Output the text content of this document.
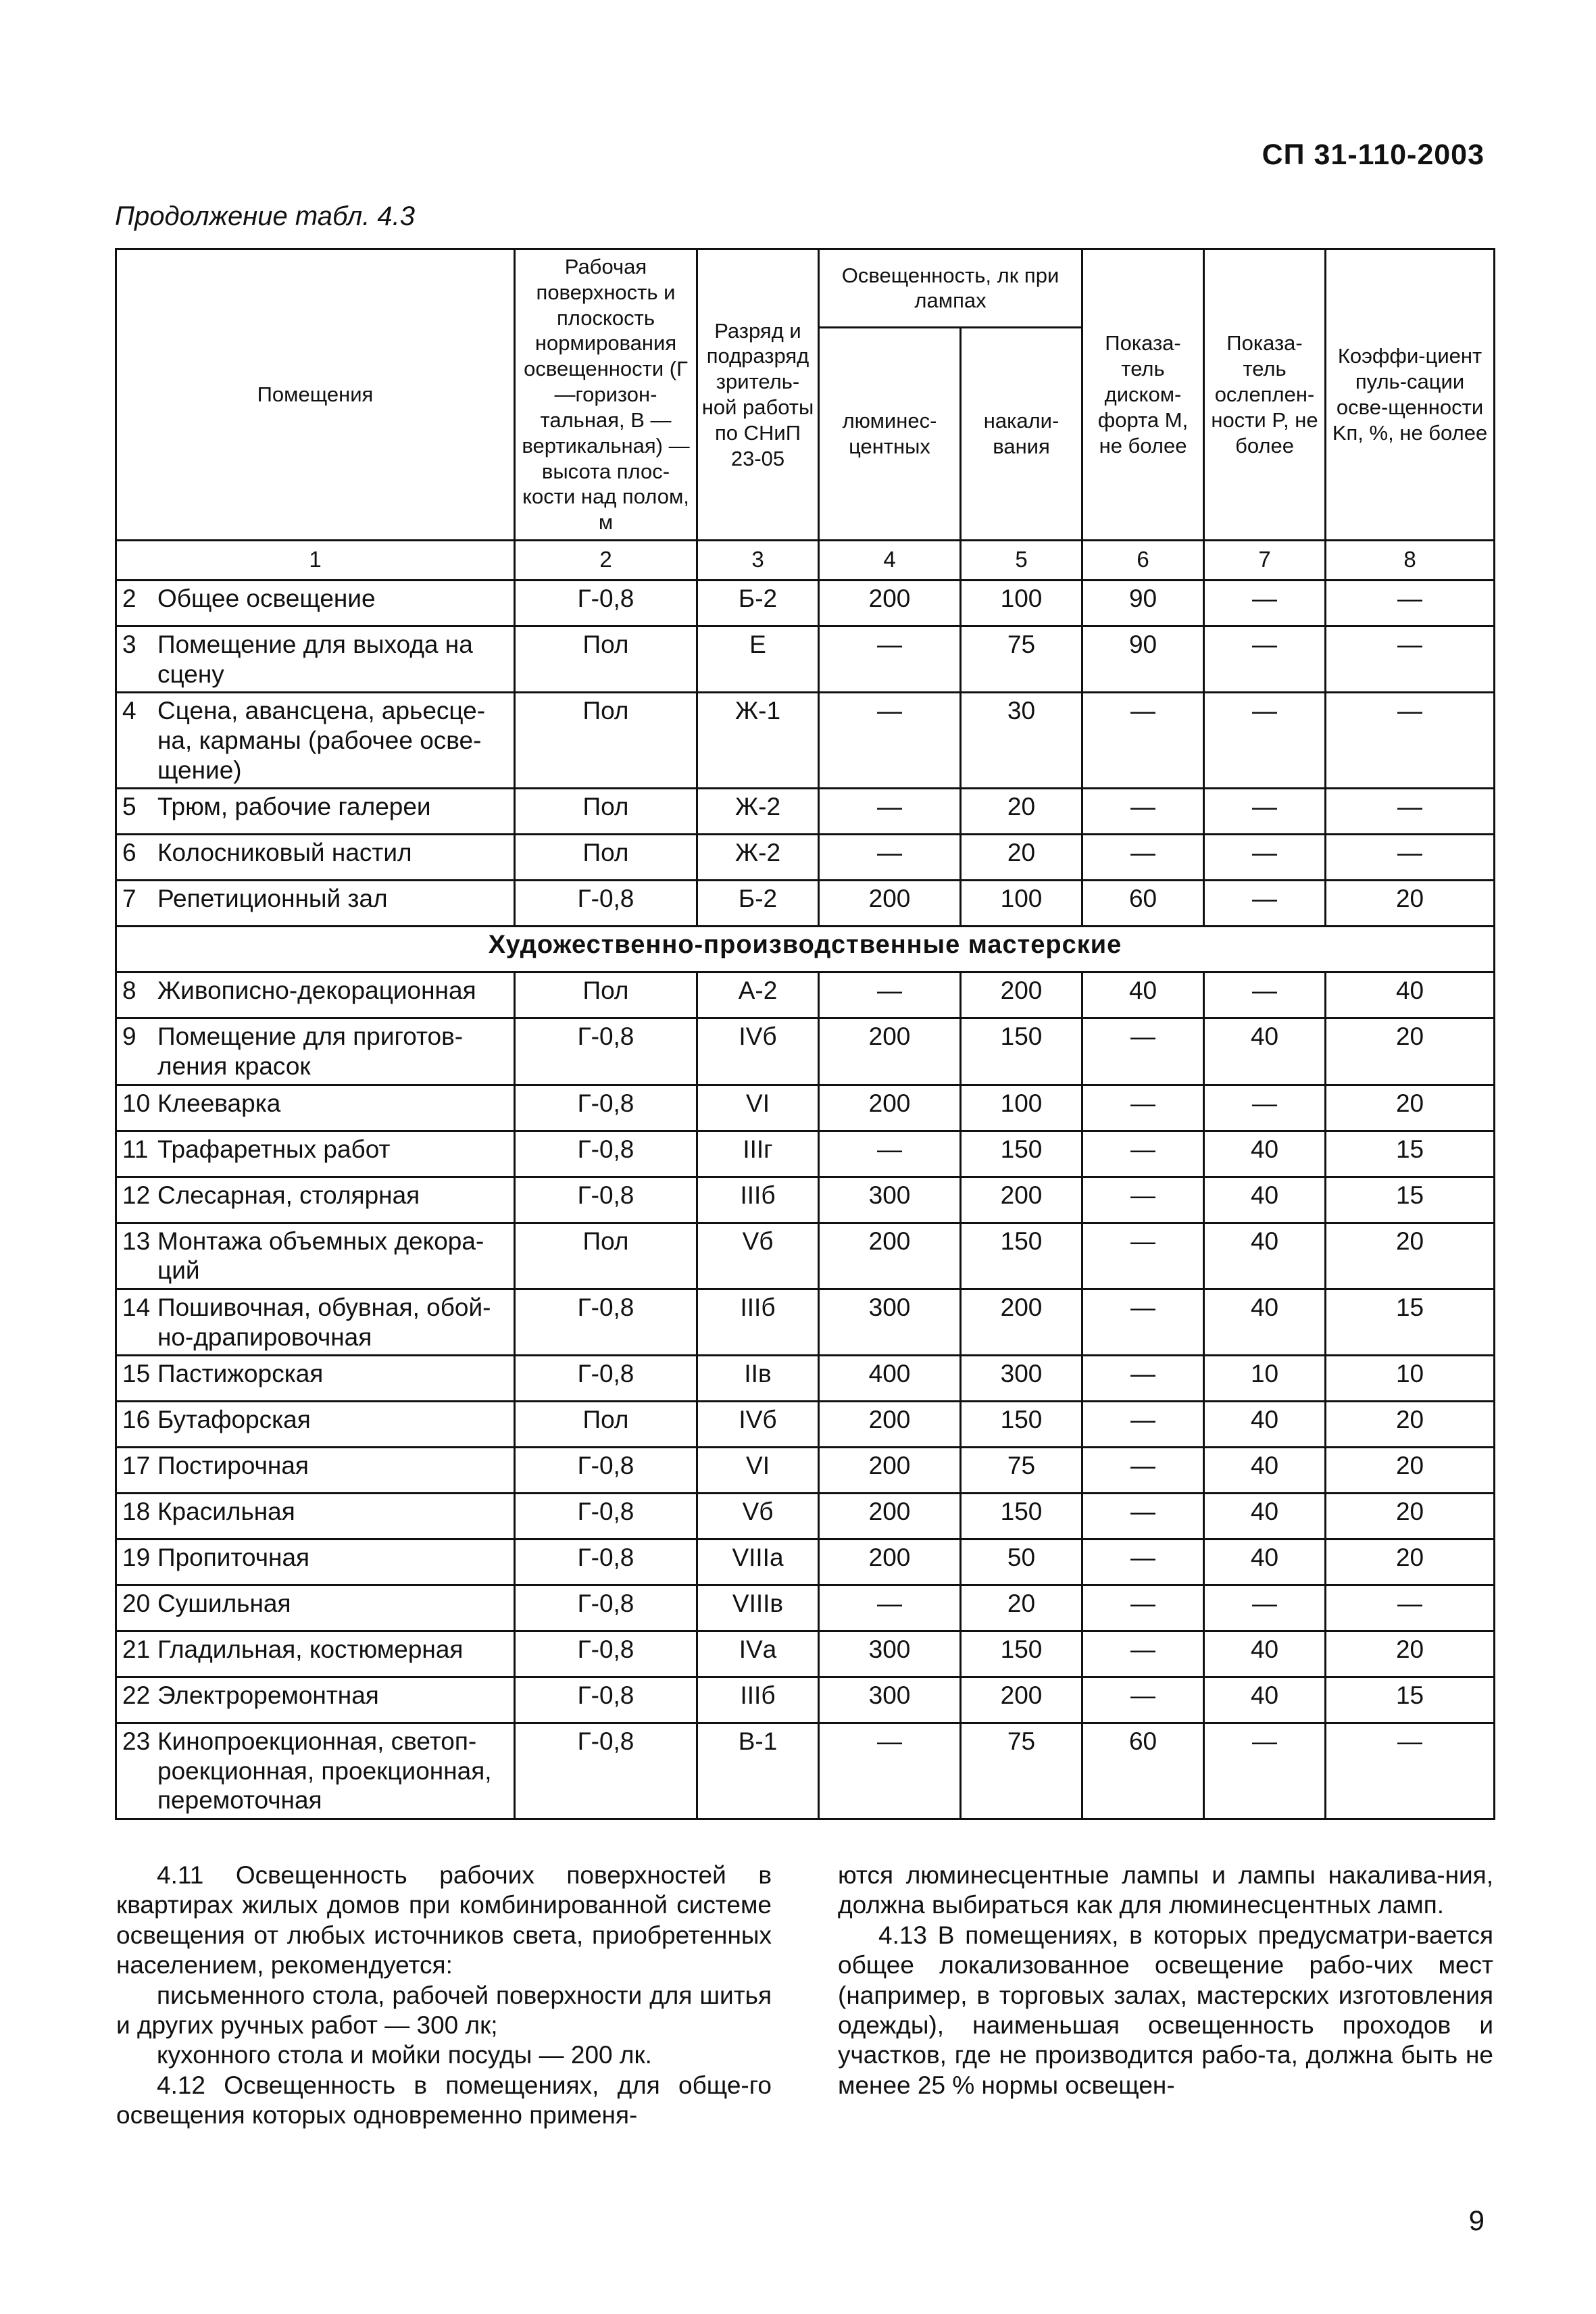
СП 31-110-2003
Продолжение табл. 4.3
Помещения	Рабочая поверхность и плоскость нормирования освещенности (Г —горизон-тальная, В — вертикальная) — высота плос-кости над полом, м	Разряд и подразряд зритель-ной работы по СНиП 23-05	Освещенность, лк при лампах		Показа-тель диском-форта M, не более	Показа-тель ослеплен-ности P, не более	Коэффи-циент пуль-сации осве-щенности Kп, %, не более
			люминес-центных	накали-вания			
1	2	3	4	5	6	7	8

2 Общее освещение	Г-0,8	Б-2	200	100	90	—	—

3 Помещение для выхода на сцену	Пол	Е	—	75	90	—	—

4 Сцена, авансцена, арьесце-на, карманы (рабочее осве-щение)	Пол	Ж-1	—	30	—	—	—

5 Трюм, рабочие галереи	Пол	Ж-2	—	20	—	—	—

6 Колосниковый настил	Пол	Ж-2	—	20	—	—	—

7 Репетиционный зал	Г-0,8	Б-2	200	100	60	—	20
Художественно-производственные мастерские							

8 Живописно-декорационная	Пол	А-2	—	200	40	—	40

9 Помещение для приготов-ления красок	Г-0,8	IVб	200	150	—	40	20

10 Клееварка	Г-0,8	VI	200	100	—	—	20

11 Трафаретных работ	Г-0,8	IIIг	—	150	—	40	15

12 Слесарная, столярная	Г-0,8	IIIб	300	200	—	40	15

13 Монтажа объемных декора-ций	Пол	Vб	200	150	—	40	20

14 Пошивочная, обувная, обой-но-драпировочная	Г-0,8	IIIб	300	200	—	40	15

15 Пастижорская	Г-0,8	IIв	400	300	—	10	10

16 Бутафорская	Пол	IVб	200	150	—	40	20

17 Постирочная	Г-0,8	VI	200	75	—	40	20

18 Красильная	Г-0,8	Vб	200	150	—	40	20

19 Пропиточная	Г-0,8	VIIIа	200	50	—	40	20

20 Сушильная	Г-0,8	VIIIв	—	20	—	—	—

21 Гладильная, костюмерная	Г-0,8	IVа	300	150	—	40	20

22 Электроремонтная	Г-0,8	IIIб	300	200	—	40	15

23 Кинопроекционная, светоп-роекционная, проекционная, перемоточная	Г-0,8	В-1	—	75	60	—	—

4.11 Освещенность рабочих поверхностей в квартирах жилых домов при комбинированной системе освещения от любых источников света, приобретенных населением, рекомендуется:

письменного стола, рабочей поверхности для шитья и других ручных работ — 300 лк;

кухонного стола и мойки посуды — 200 лк.

4.12 Освещенность в помещениях, для обще-го освещения которых одновременно применя-

ются люминесцентные лампы и лампы накалива-ния, должна выбираться как для люминесцентных ламп.

4.13 В помещениях, в которых предусматри-вается общее локализованное освещение рабо-чих мест (например, в торговых залах, мастерских изготовления одежды), наименьшая освещенность проходов и участков, где не производится рабо-та, должна быть не менее 25 % нормы освещен-

9
